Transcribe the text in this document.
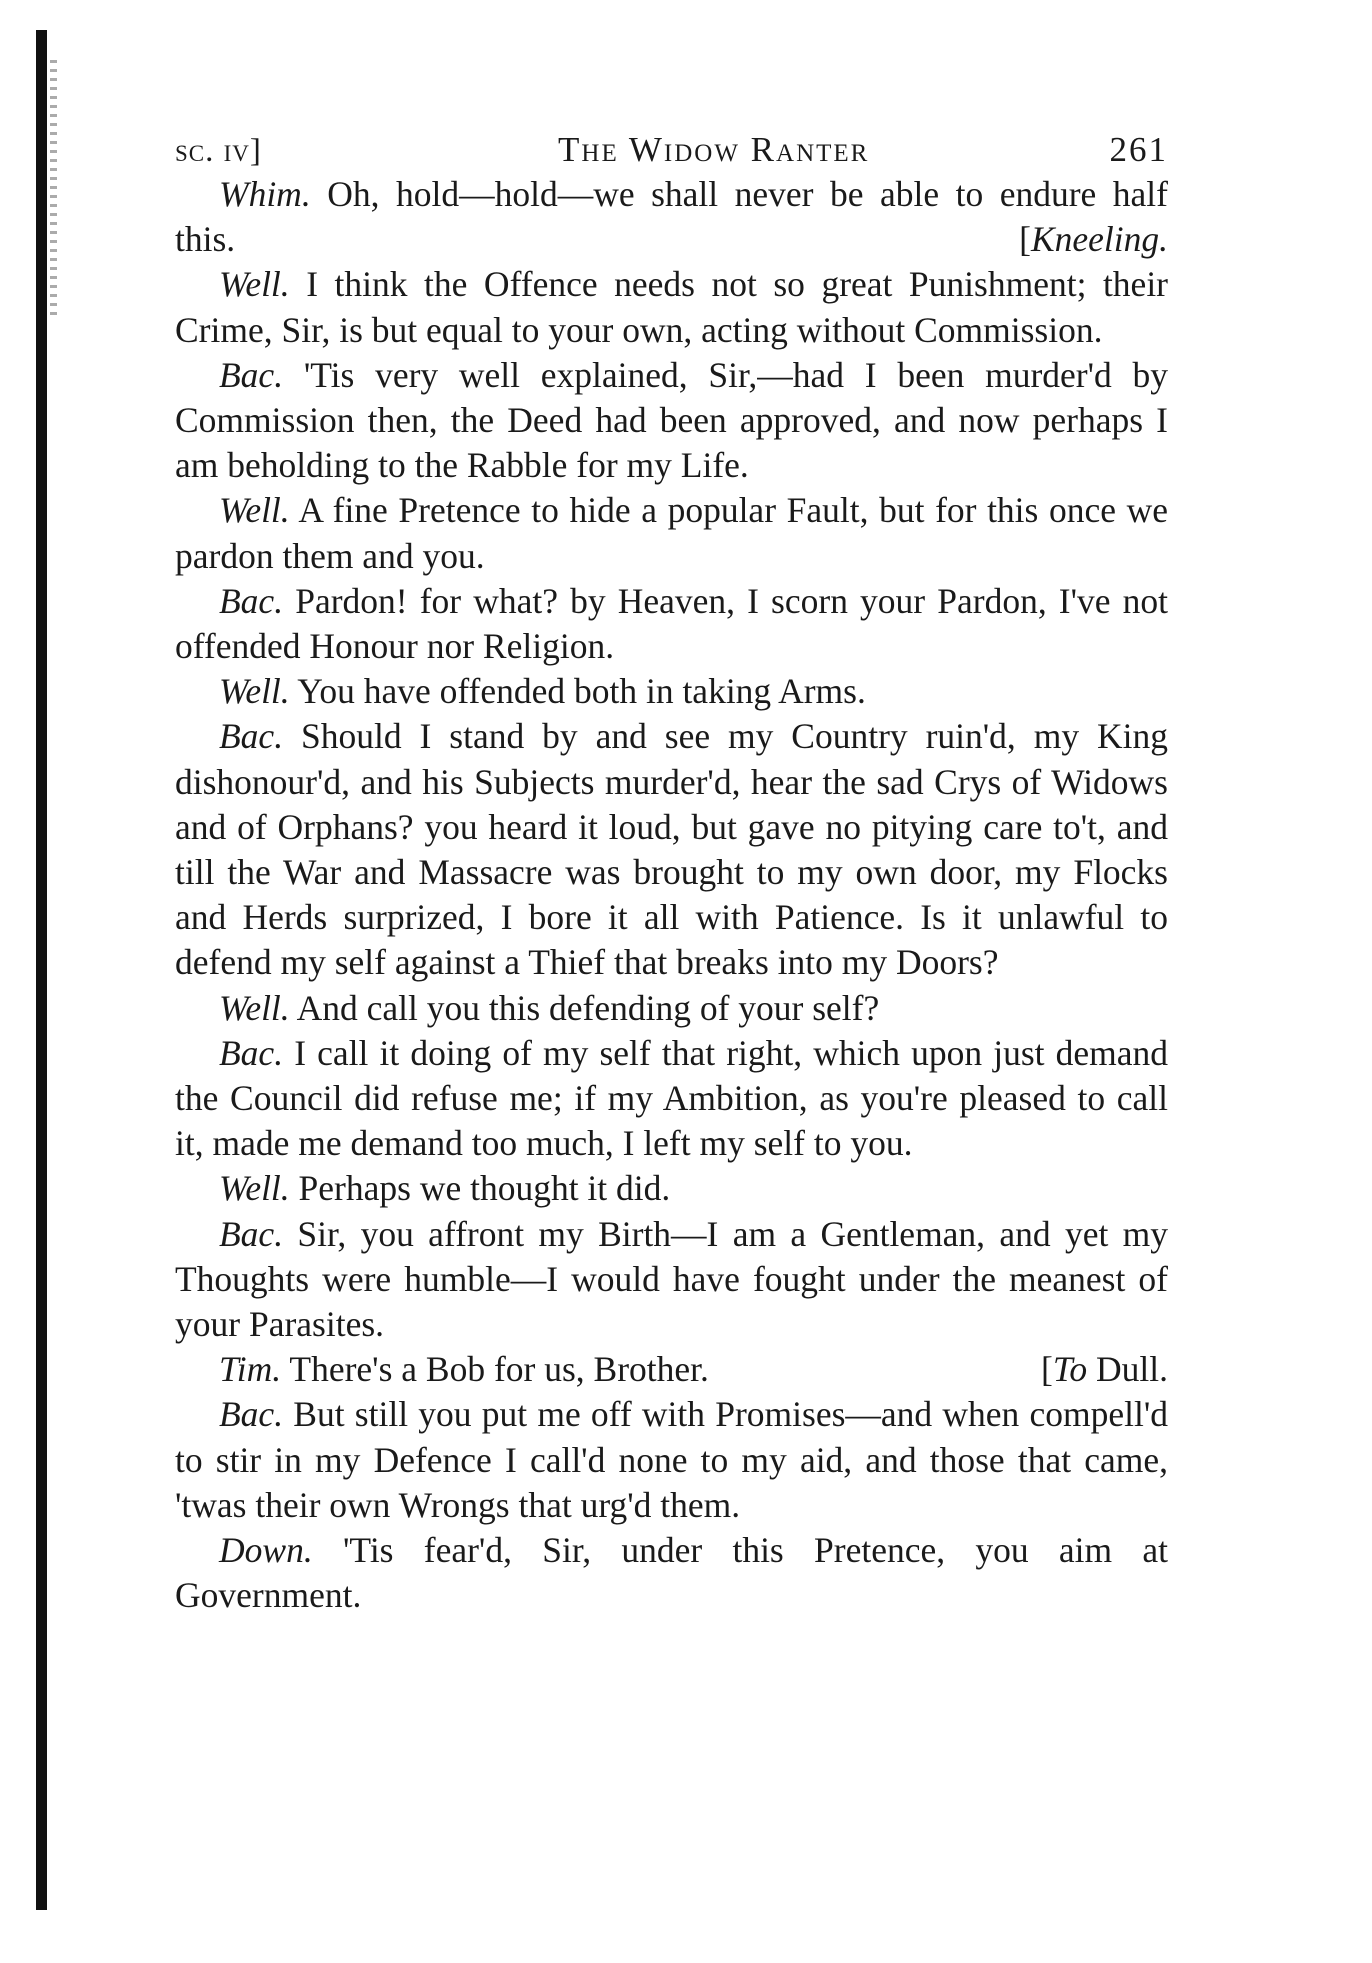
sc. iv]	The Widow Ranter	261

Whim. Oh, hold—hold—we shall never be able to endure half this.	[Kneeling.

Well. I think the Offence needs not so great Punishment; their Crime, Sir, is but equal to your own, acting without Commission.

Bac. 'Tis very well explained, Sir,—had I been murder'd by Commission then, the Deed had been approved, and now perhaps I am beholding to the Rabble for my Life.

Well. A fine Pretence to hide a popular Fault, but for this once we pardon them and you.

Bac. Pardon! for what? by Heaven, I scorn your Pardon, I've not offended Honour nor Religion.

Well. You have offended both in taking Arms.

Bac. Should I stand by and see my Country ruin'd, my King dishonour'd, and his Subjects murder'd, hear the sad Crys of Widows and of Orphans? you heard it loud, but gave no pitying care to't, and till the War and Massacre was brought to my own door, my Flocks and Herds surprized, I bore it all with Patience. Is it unlawful to defend my self against a Thief that breaks into my Doors?

Well. And call you this defending of your self?

Bac. I call it doing of my self that right, which upon just demand the Council did refuse me; if my Ambition, as you're pleased to call it, made me demand too much, I left my self to you.

Well. Perhaps we thought it did.

Bac. Sir, you affront my Birth—I am a Gentleman, and yet my Thoughts were humble—I would have fought under the meanest of your Parasites.

Tim. There's a Bob for us, Brother.	[To Dull.

Bac. But still you put me off with Promises—and when compell'd to stir in my Defence I call'd none to my aid, and those that came, 'twas their own Wrongs that urg'd them.

Down. 'Tis fear'd, Sir, under this Pretence, you aim at Government.
